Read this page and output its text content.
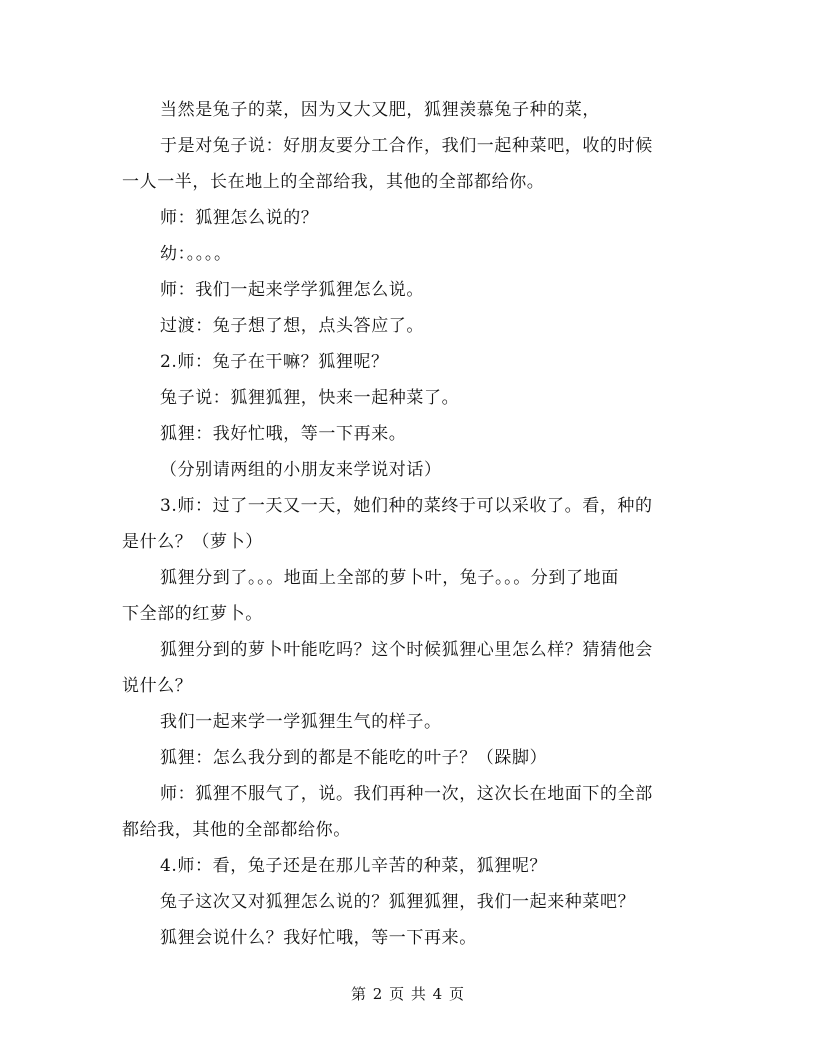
当然是兔子的菜，因为又大又肥，狐狸羡慕兔子种的菜，
于是对兔子说：好朋友要分工合作，我们一起种菜吧，收的时候
一人一半，长在地上的全部给我，其他的全部都给你。
师：狐狸怎么说的？
幼：。。。。
师：我们一起来学学狐狸怎么说。
过渡：兔子想了想，点头答应了。
2.师：兔子在干嘛？狐狸呢？
兔子说：狐狸狐狸，快来一起种菜了。
狐狸：我好忙哦，等一下再来。
（分别请两组的小朋友来学说对话）
3.师：过了一天又一天，她们种的菜终于可以采收了。看，种的
是什么？（萝卜）
狐狸分到了。。。地面上全部的萝卜叶，兔子。。。分到了地面
下全部的红萝卜。
狐狸分到的萝卜叶能吃吗？这个时候狐狸心里怎么样？猜猜他会
说什么？
我们一起来学一学狐狸生气的样子。
狐狸：怎么我分到的都是不能吃的叶子？（跺脚）
师：狐狸不服气了，说。我们再种一次，这次长在地面下的全部
都给我，其他的全部都给你。
4.师：看，兔子还是在那儿辛苦的种菜，狐狸呢？
兔子这次又对狐狸怎么说的？狐狸狐狸，我们一起来种菜吧？
狐狸会说什么？我好忙哦，等一下再来。
第 2 页 共 4 页
